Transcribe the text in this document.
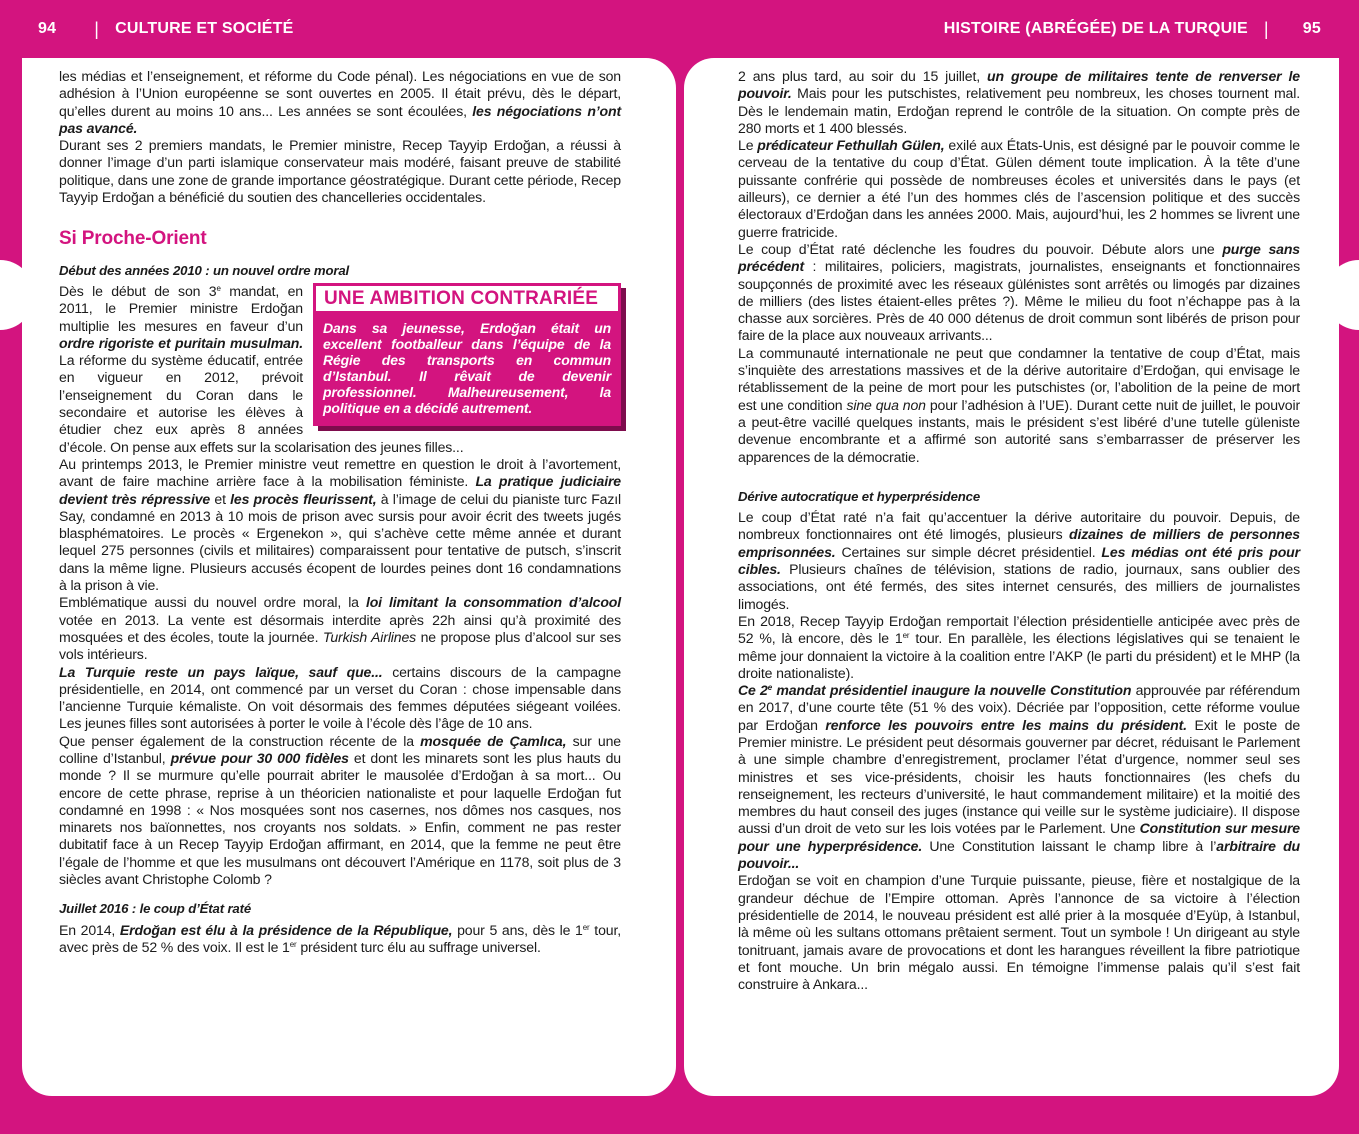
94 | CULTURE ET SOCIÉTÉ	HISTOIRE (ABRÉGÉE) DE LA TURQUIE | 95

les médias et l’enseignement, et réforme du Code pénal). Les négociations en vue de son adhésion à l’Union européenne se sont ouvertes en 2005. Il était prévu, dès le départ, qu’elles durent au moins 10 ans... Les années se sont écoulées, les négociations n’ont pas avancé.

Durant ses 2 premiers mandats, le Premier ministre, Recep Tayyip Erdoğan, a réussi à donner l’image d’un parti islamique conservateur mais modéré, faisant preuve de stabilité politique, dans une zone de grande importance géostratégique. Durant cette période, Recep Tayyip Erdoğan a bénéficié du soutien des chancelleries occidentales.

Si Proche-Orient
Début des années 2010 : un nouvel ordre moral
UNE AMBITION CONTRARIÉE
Dans sa jeunesse, Erdoğan était un excellent footballeur dans l’équipe de la Régie des transports en commun d’Istanbul. Il rêvait de devenir professionnel. Malheureusement, la politique en a décidé autrement.

Dès le début de son 3e mandat, en 2011, le Premier ministre Erdoğan multiplie les mesures en faveur d’un ordre rigoriste et puritain musulman. La réforme du système éducatif, entrée en vigueur en 2012, prévoit l’enseignement du Coran dans le secondaire et autorise les élèves à étudier chez eux après 8 années d’école. On pense aux effets sur la scolarisation des jeunes filles...

Au printemps 2013, le Premier ministre veut remettre en question le droit à l’avortement, avant de faire machine arrière face à la mobilisation féministe. La pratique judiciaire devient très répressive et les procès fleurissent, à l’image de celui du pianiste turc Fazıl Say, condamné en 2013 à 10 mois de prison avec sursis pour avoir écrit des tweets jugés blasphématoires. Le procès « Ergenekon », qui s’achève cette même année et durant lequel 275 personnes (civils et militaires) comparaissent pour tentative de putsch, s’inscrit dans la même ligne. Plusieurs accusés écopent de lourdes peines dont 16 condamnations à la prison à vie.

Emblématique aussi du nouvel ordre moral, la loi limitant la consommation d’alcool votée en 2013. La vente est désormais interdite après 22h ainsi qu’à proximité des mosquées et des écoles, toute la journée. Turkish Airlines ne propose plus d’alcool sur ses vols intérieurs.

La Turquie reste un pays laïque, sauf que... certains discours de la campagne présidentielle, en 2014, ont commencé par un verset du Coran : chose impensable dans l’ancienne Turquie kémaliste. On voit désormais des femmes députées siégeant voilées. Les jeunes filles sont autorisées à porter le voile à l’école dès l’âge de 10 ans.

Que penser également de la construction récente de la mosquée de Çamlıca, sur une colline d’Istanbul, prévue pour 30 000 fidèles et dont les minarets sont les plus hauts du monde ? Il se murmure qu’elle pourrait abriter le mausolée d’Erdoğan à sa mort... Ou encore de cette phrase, reprise à un théoricien nationaliste et pour laquelle Erdoğan fut condamné en 1998 : « Nos mosquées sont nos casernes, nos dômes nos casques, nos minarets nos baïonnettes, nos croyants nos soldats. » Enfin, comment ne pas rester dubitatif face à un Recep Tayyip Erdoğan affirmant, en 2014, que la femme ne peut être l’égale de l’homme et que les musulmans ont découvert l’Amérique en 1178, soit plus de 3 siècles avant Christophe Colomb ?

Juillet 2016 : le coup d’État raté

En 2014, Erdoğan est élu à la présidence de la République, pour 5 ans, dès le 1er tour, avec près de 52 % des voix. Il est le 1er président turc élu au suffrage universel.

2 ans plus tard, au soir du 15 juillet, un groupe de militaires tente de renverser le pouvoir. Mais pour les putschistes, relativement peu nombreux, les choses tournent mal. Dès le lendemain matin, Erdoğan reprend le contrôle de la situation. On compte près de 280 morts et 1 400 blessés.

Le prédicateur Fethullah Gülen, exilé aux États-Unis, est désigné par le pouvoir comme le cerveau de la tentative du coup d’État. Gülen dément toute implication. À la tête d’une puissante confrérie qui possède de nombreuses écoles et universités dans le pays (et ailleurs), ce dernier a été l’un des hommes clés de l’ascension politique et des succès électoraux d’Erdoğan dans les années 2000. Mais, aujourd’hui, les 2 hommes se livrent une guerre fratricide.

Le coup d’État raté déclenche les foudres du pouvoir. Débute alors une purge sans précédent : militaires, policiers, magistrats, journalistes, enseignants et fonctionnaires soupçonnés de proximité avec les réseaux gülénistes sont arrêtés ou limogés par dizaines de milliers (des listes étaient-elles prêtes ?). Même le milieu du foot n’échappe pas à la chasse aux sorcières. Près de 40 000 détenus de droit commun sont libérés de prison pour faire de la place aux nouveaux arrivants...

La communauté internationale ne peut que condamner la tentative de coup d’État, mais s’inquiète des arrestations massives et de la dérive autoritaire d’Erdoğan, qui envisage le rétablissement de la peine de mort pour les putschistes (or, l’abolition de la peine de mort est une condition sine qua non pour l’adhésion à l’UE). Durant cette nuit de juillet, le pouvoir a peut-être vacillé quelques instants, mais le président s’est libéré d’une tutelle güleniste devenue encombrante et a affirmé son autorité sans s’embarrasser de préserver les apparences de la démocratie.

Dérive autocratique et hyperprésidence

Le coup d’État raté n’a fait qu’accentuer la dérive autoritaire du pouvoir. Depuis, de nombreux fonctionnaires ont été limogés, plusieurs dizaines de milliers de personnes emprisonnées. Certaines sur simple décret présidentiel. Les médias ont été pris pour cibles. Plusieurs chaînes de télévision, stations de radio, journaux, sans oublier des associations, ont été fermés, des sites internet censurés, des milliers de journalistes limogés.

En 2018, Recep Tayyip Erdoğan remportait l’élection présidentielle anticipée avec près de 52 %, là encore, dès le 1er tour. En parallèle, les élections législatives qui se tenaient le même jour donnaient la victoire à la coalition entre l’AKP (le parti du président) et le MHP (la droite nationaliste).

Ce 2e mandat présidentiel inaugure la nouvelle Constitution approuvée par référendum en 2017, d’une courte tête (51 % des voix). Décriée par l’opposition, cette réforme voulue par Erdoğan renforce les pouvoirs entre les mains du président. Exit le poste de Premier ministre. Le président peut désormais gouverner par décret, réduisant le Parlement à une simple chambre d’enregistrement, proclamer l’état d’urgence, nommer seul ses ministres et ses vice-présidents, choisir les hauts fonctionnaires (les chefs du renseignement, les recteurs d’université, le haut commandement militaire) et la moitié des membres du haut conseil des juges (instance qui veille sur le système judiciaire). Il dispose aussi d’un droit de veto sur les lois votées par le Parlement. Une Constitution sur mesure pour une hyperprésidence. Une Constitution laissant le champ libre à l’arbitraire du pouvoir...

Erdoğan se voit en champion d’une Turquie puissante, pieuse, fière et nostalgique de la grandeur déchue de l’Empire ottoman. Après l’annonce de sa victoire à l’élection présidentielle de 2014, le nouveau président est allé prier à la mosquée d’Eyüp, à Istanbul, là même où les sultans ottomans prêtaient serment. Tout un symbole ! Un dirigeant au style tonitruant, jamais avare de provocations et dont les harangues réveillent la fibre patriotique et font mouche. Un brin mégalo aussi. En témoigne l’immense palais qu’il s’est fait construire à Ankara...
